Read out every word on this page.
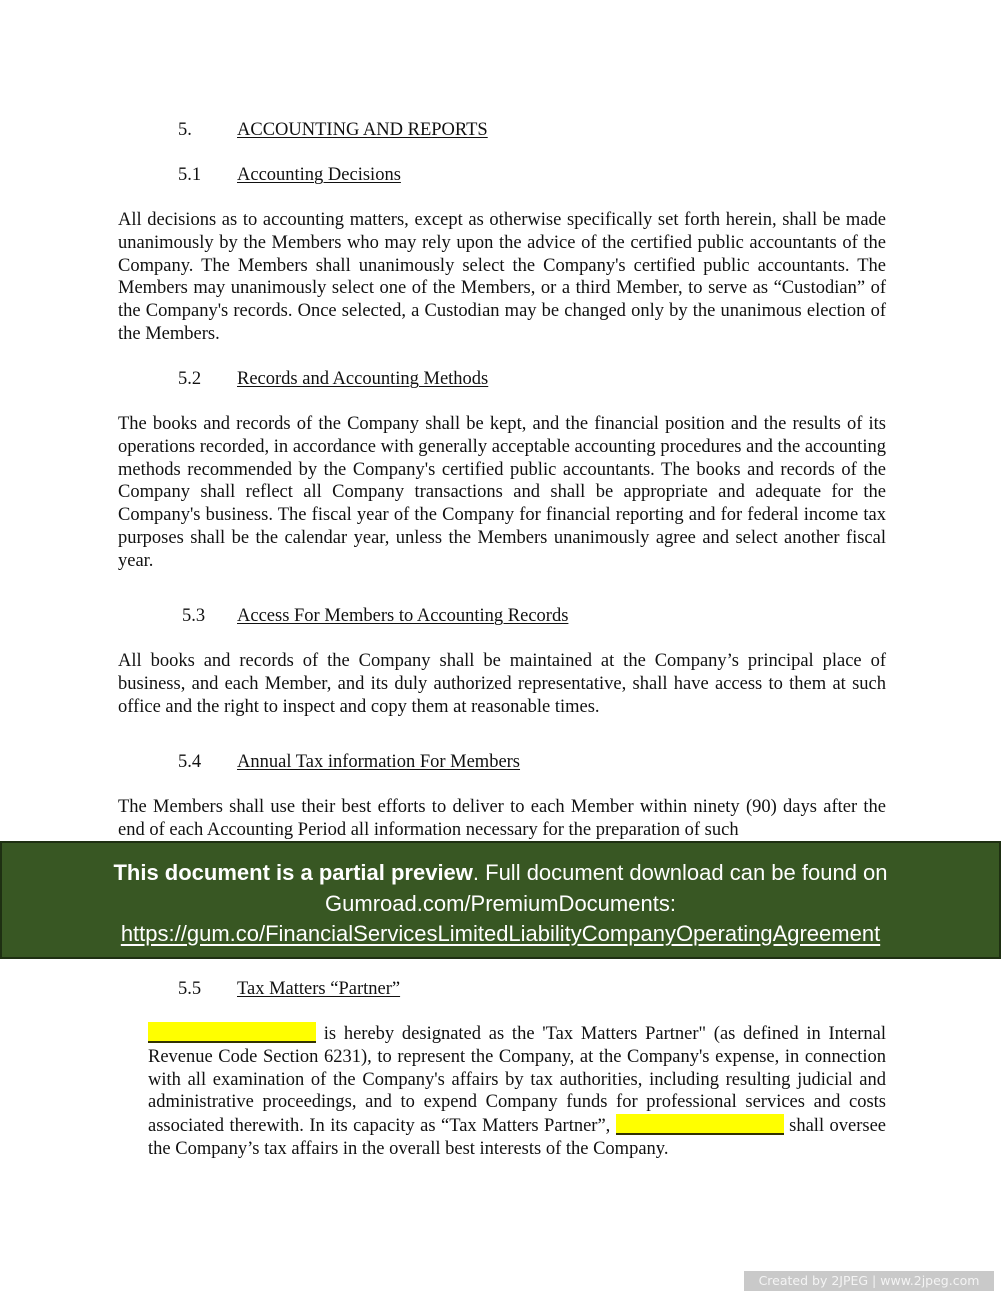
5. ACCOUNTING AND REPORTS
5.1 Accounting Decisions
All decisions as to accounting matters, except as otherwise specifically set forth herein, shall be made unanimously by the Members who may rely upon the advice of the certified public accountants of the Company. The Members shall unanimously select the Company's certified public accountants. The Members may unanimously select one of the Members, or a third Member, to serve as “Custodian” of the Company's records. Once selected, a Custodian may be changed only by the unanimous election of the Members.
5.2 Records and Accounting Methods
The books and records of the Company shall be kept, and the financial position and the results of its operations recorded, in accordance with generally acceptable accounting procedures and the accounting methods recommended by the Company's certified public accountants. The books and records of the Company shall reflect all Company transactions and shall be appropriate and adequate for the Company's business. The fiscal year of the Company for financial reporting and for federal income tax purposes shall be the calendar year, unless the Members unanimously agree and select another fiscal year.
5.3 Access For Members to Accounting Records
All books and records of the Company shall be maintained at the Company’s principal place of business, and each Member, and its duly authorized representative, shall have access to them at such office and the right to inspect and copy them at reasonable times.
5.4 Annual Tax information For Members
The Members shall use their best efforts to deliver to each Member within ninety (90) days after the end of each Accounting Period all information necessary for the preparation of such
This document is a partial preview. Full document download can be found on Gumroad.com/PremiumDocuments:
https://gum.co/FinancialServicesLimitedLiabilityCompanyOperatingAgreement
5.5 Tax Matters “Partner”
is hereby designated as the 'Tax Matters Partner" (as defined in Internal Revenue Code Section 6231), to represent the Company, at the Company's expense, in connection with all examination of the Company's affairs by tax authorities, including resulting judicial and administrative proceedings, and to expend Company funds for professional services and costs associated therewith. In its capacity as “Tax Matters Partner”,	shall oversee the Company’s tax affairs in the overall best interests of the Company.
Created by 2JPEG | www.2jpeg.com
